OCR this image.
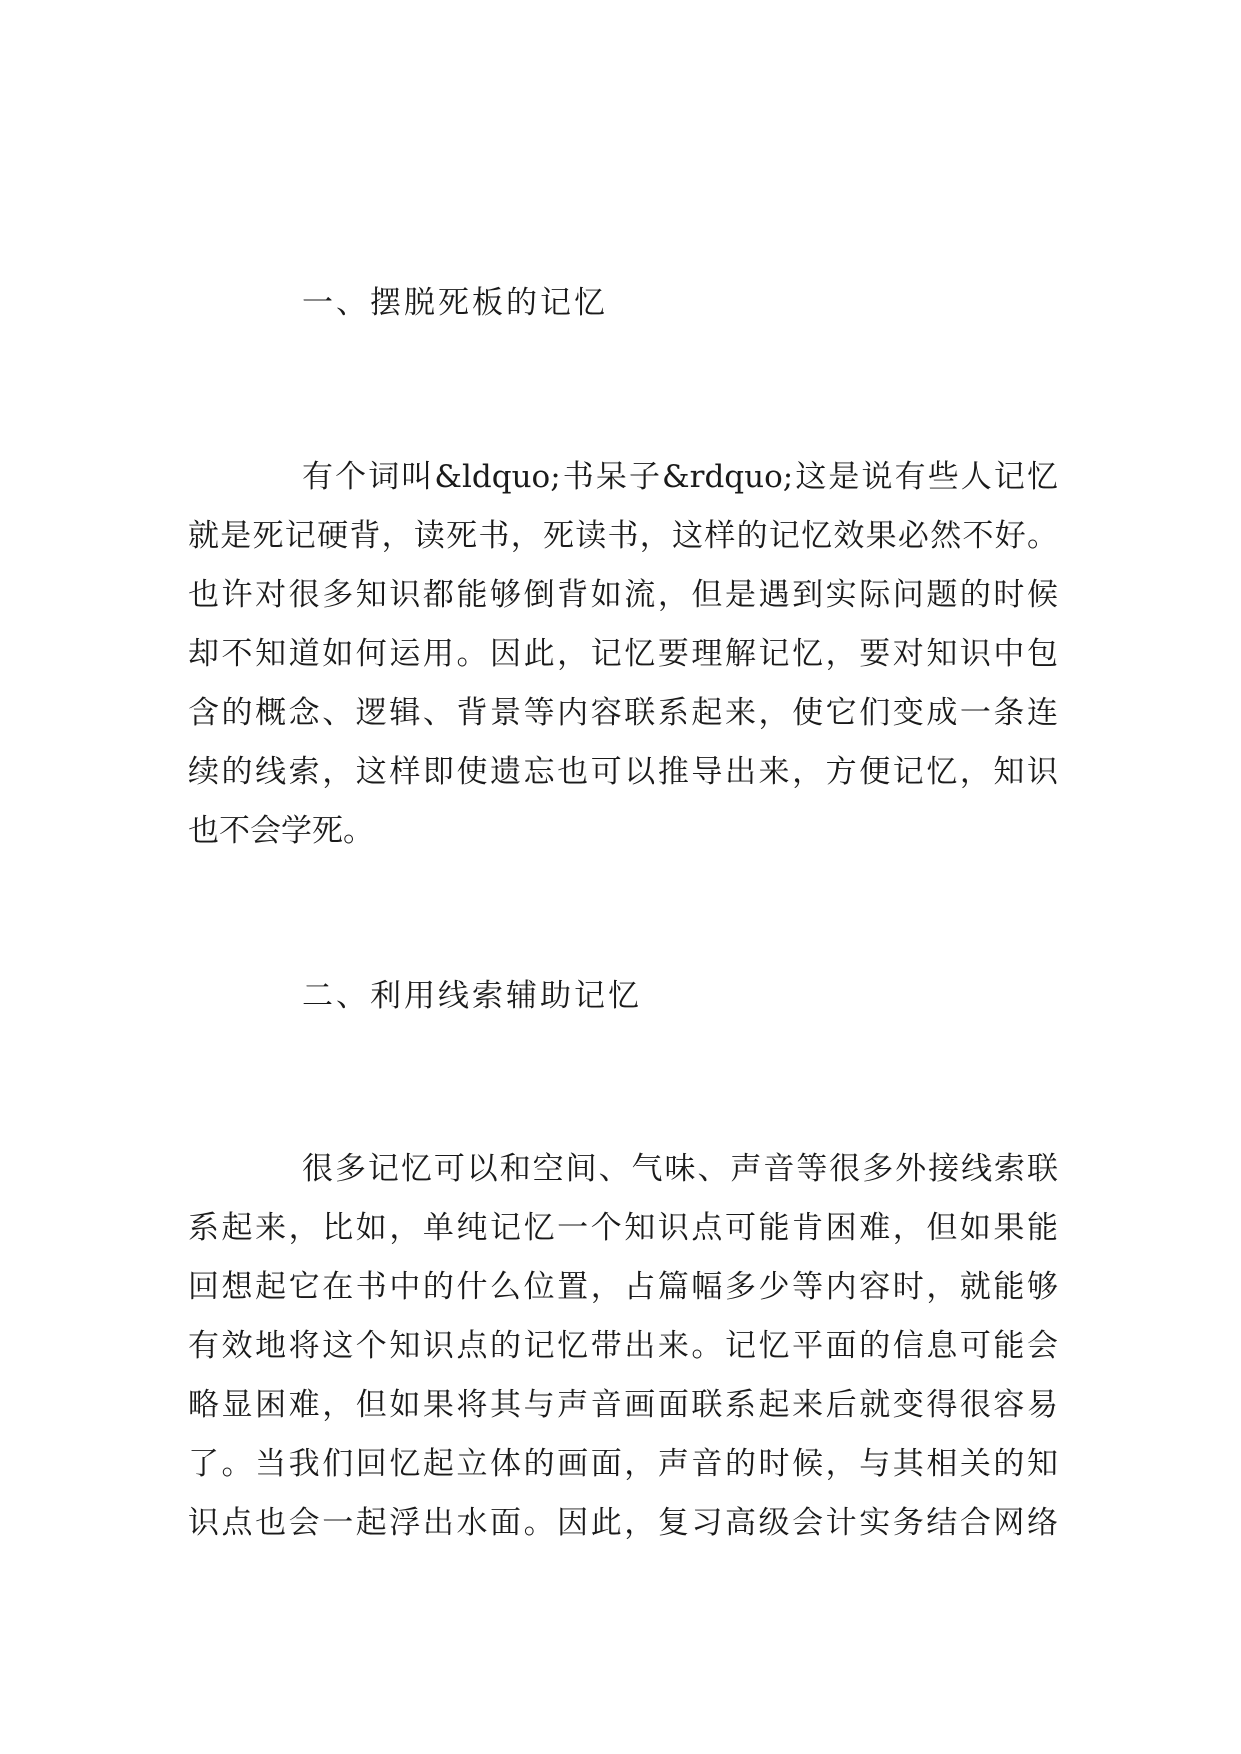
一、摆脱死板的记忆
有个词叫&ldquo;书呆子&rdquo;这是说有些人记忆
就是死记硬背，读死书，死读书，这样的记忆效果必然不好。
也许对很多知识都能够倒背如流，但是遇到实际问题的时候
却不知道如何运用。因此，记忆要理解记忆，要对知识中包
含的概念、逻辑、背景等内容联系起来，使它们变成一条连
续的线索，这样即使遗忘也可以推导出来，方便记忆，知识
也不会学死。
二、利用线索辅助记忆
很多记忆可以和空间、气味、声音等很多外接线索联
系起来，比如，单纯记忆一个知识点可能肯困难，但如果能
回想起它在书中的什么位置，占篇幅多少等内容时，就能够
有效地将这个知识点的记忆带出来。记忆平面的信息可能会
略显困难，但如果将其与声音画面联系起来后就变得很容易
了。当我们回忆起立体的画面，声音的时候，与其相关的知
识点也会一起浮出水面。因此，复习高级会计实务结合网络
